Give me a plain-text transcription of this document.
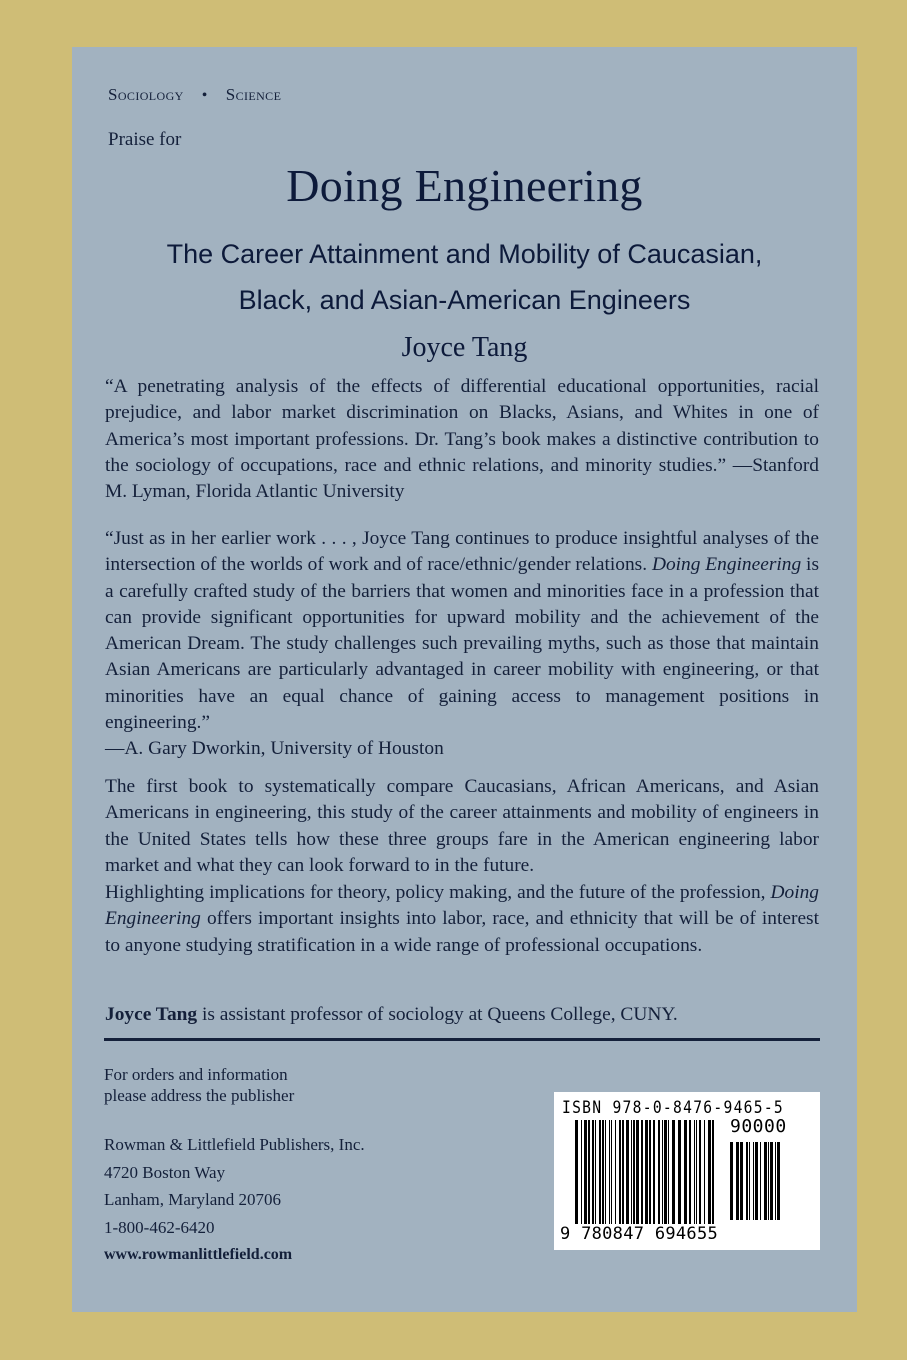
Sociology • Science
Praise for
Doing Engineering
The Career Attainment and Mobility of Caucasian,
Black, and Asian-American Engineers
Joyce Tang
“A penetrating analysis of the effects of differential educational opportunities, racial prejudice, and labor market discrimination on Blacks, Asians, and Whites in one of America’s most important professions. Dr. Tang’s book makes a distinctive contribution to the sociology of occupations, race and ethnic relations, and minority studies.” —Stanford M. Lyman, Florida Atlantic University
“Just as in her earlier work . . . , Joyce Tang continues to produce insightful analyses of the intersection of the worlds of work and of race/ethnic/gender relations. Doing Engineering is a carefully crafted study of the barriers that women and minorities face in a profession that can provide significant opportunities for upward mobility and the achievement of the American Dream. The study challenges such prevailing myths, such as those that maintain Asian Americans are particularly advantaged in career mobility with engineering, or that minorities have an equal chance of gaining access to management positions in engineering.”
—A. Gary Dworkin, University of Houston
The first book to systematically compare Caucasians, African Americans, and Asian Americans in engineering, this study of the career attainments and mobility of engineers in the United States tells how these three groups fare in the American engineering labor market and what they can look forward to in the future.
Highlighting implications for theory, policy making, and the future of the profession, Doing Engineering offers important insights into labor, race, and ethnicity that will be of interest to anyone studying stratification in a wide range of professional occupations.
Joyce Tang is assistant professor of sociology at Queens College, CUNY.
For orders and information
please address the publisher
Rowman & Littlefield Publishers, Inc.
4720 Boston Way
Lanham, Maryland 20706
1-800-462-6420
www.rowmanlittlefield.com
ISBN 978-0-8476-9465-5
90000
9 780847 694655
